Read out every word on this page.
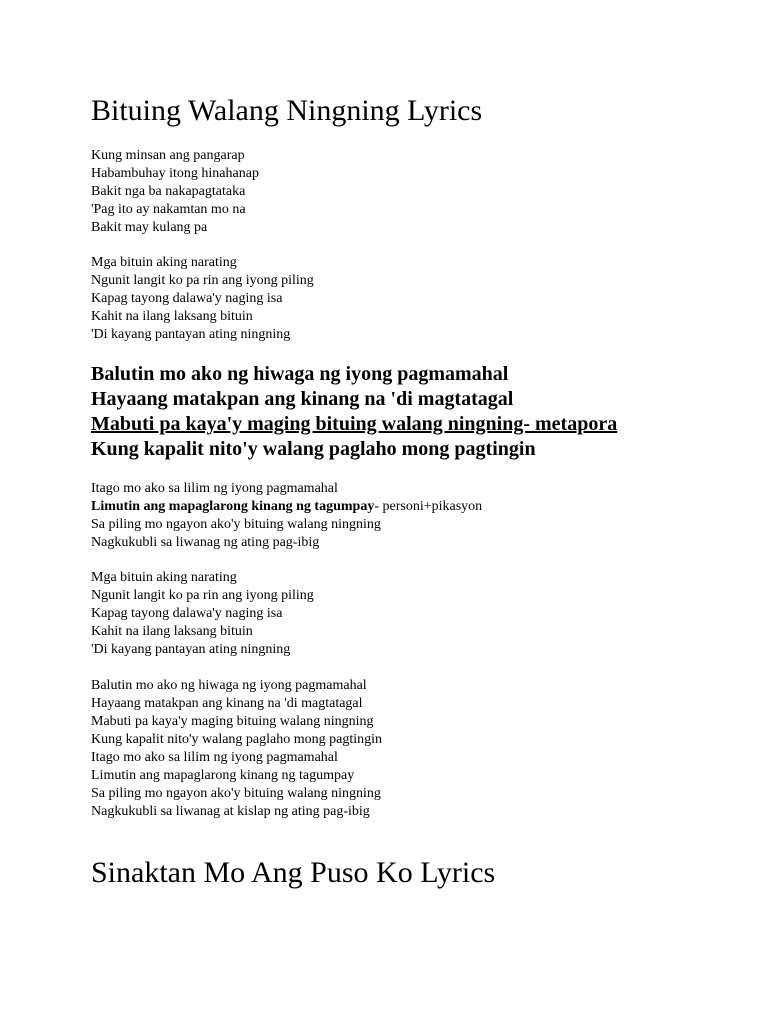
Bituing Walang Ningning Lyrics
Kung minsan ang pangarap
Habambuhay itong hinahanap
Bakit nga ba nakapagtataka
'Pag ito ay nakamtan mo na
Bakit may kulang pa
Mga bituin aking narating
Ngunit langit ko pa rin ang iyong piling
Kapag tayong dalawa'y naging isa
Kahit na ilang laksang bituin
'Di kayang pantayan ating ningning
Balutin mo ako ng hiwaga ng iyong pagmamahal
Hayaang matakpan ang kinang na 'di magtatagal
Mabuti pa kaya'y maging bituing walang ningning- metapora
Kung kapalit nito'y walang paglaho mong pagtingin
Itago mo ako sa lilim ng iyong pagmamahal
Limutin ang mapaglarong kinang ng tagumpay- personi+pikasyon
Sa piling mo ngayon ako'y bituing walang ningning
Nagkukubli sa liwanag ng ating pag-ibig
Mga bituin aking narating
Ngunit langit ko pa rin ang iyong piling
Kapag tayong dalawa'y naging isa
Kahit na ilang laksang bituin
'Di kayang pantayan ating ningning
Balutin mo ako ng hiwaga ng iyong pagmamahal
Hayaang matakpan ang kinang na 'di magtatagal
Mabuti pa kaya'y maging bituing walang ningning
Kung kapalit nito'y walang paglaho mong pagtingin
Itago mo ako sa lilim ng iyong pagmamahal
Limutin ang mapaglarong kinang ng tagumpay
Sa piling mo ngayon ako'y bituing walang ningning
Nagkukubli sa liwanag at kislap ng ating pag-ibig
Sinaktan Mo Ang Puso Ko Lyrics
